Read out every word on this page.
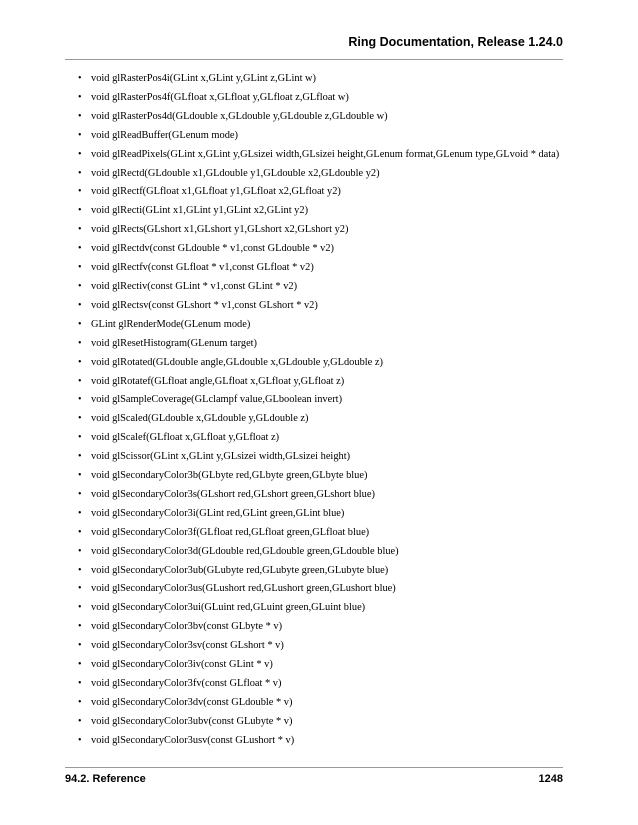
Ring Documentation, Release 1.24.0
• void glRasterPos4i(GLint x,GLint y,GLint z,GLint w)
• void glRasterPos4f(GLfloat x,GLfloat y,GLfloat z,GLfloat w)
• void glRasterPos4d(GLdouble x,GLdouble y,GLdouble z,GLdouble w)
• void glReadBuffer(GLenum mode)
• void glReadPixels(GLint x,GLint y,GLsizei width,GLsizei height,GLenum format,GLenum type,GLvoid * data)
• void glRectd(GLdouble x1,GLdouble y1,GLdouble x2,GLdouble y2)
• void glRectf(GLfloat x1,GLfloat y1,GLfloat x2,GLfloat y2)
• void glRecti(GLint x1,GLint y1,GLint x2,GLint y2)
• void glRects(GLshort x1,GLshort y1,GLshort x2,GLshort y2)
• void glRectdv(const GLdouble * v1,const GLdouble * v2)
• void glRectfv(const GLfloat * v1,const GLfloat * v2)
• void glRectiv(const GLint * v1,const GLint * v2)
• void glRectsv(const GLshort * v1,const GLshort * v2)
• GLint glRenderMode(GLenum mode)
• void glResetHistogram(GLenum target)
• void glRotated(GLdouble angle,GLdouble x,GLdouble y,GLdouble z)
• void glRotatef(GLfloat angle,GLfloat x,GLfloat y,GLfloat z)
• void glSampleCoverage(GLclampf value,GLboolean invert)
• void glScaled(GLdouble x,GLdouble y,GLdouble z)
• void glScalef(GLfloat x,GLfloat y,GLfloat z)
• void glScissor(GLint x,GLint y,GLsizei width,GLsizei height)
• void glSecondaryColor3b(GLbyte red,GLbyte green,GLbyte blue)
• void glSecondaryColor3s(GLshort red,GLshort green,GLshort blue)
• void glSecondaryColor3i(GLint red,GLint green,GLint blue)
• void glSecondaryColor3f(GLfloat red,GLfloat green,GLfloat blue)
• void glSecondaryColor3d(GLdouble red,GLdouble green,GLdouble blue)
• void glSecondaryColor3ub(GLubyte red,GLubyte green,GLubyte blue)
• void glSecondaryColor3us(GLushort red,GLushort green,GLushort blue)
• void glSecondaryColor3ui(GLuint red,GLuint green,GLuint blue)
• void glSecondaryColor3bv(const GLbyte * v)
• void glSecondaryColor3sv(const GLshort * v)
• void glSecondaryColor3iv(const GLint * v)
• void glSecondaryColor3fv(const GLfloat * v)
• void glSecondaryColor3dv(const GLdouble * v)
• void glSecondaryColor3ubv(const GLubyte * v)
• void glSecondaryColor3usv(const GLushort * v)
94.2. Reference	1248
